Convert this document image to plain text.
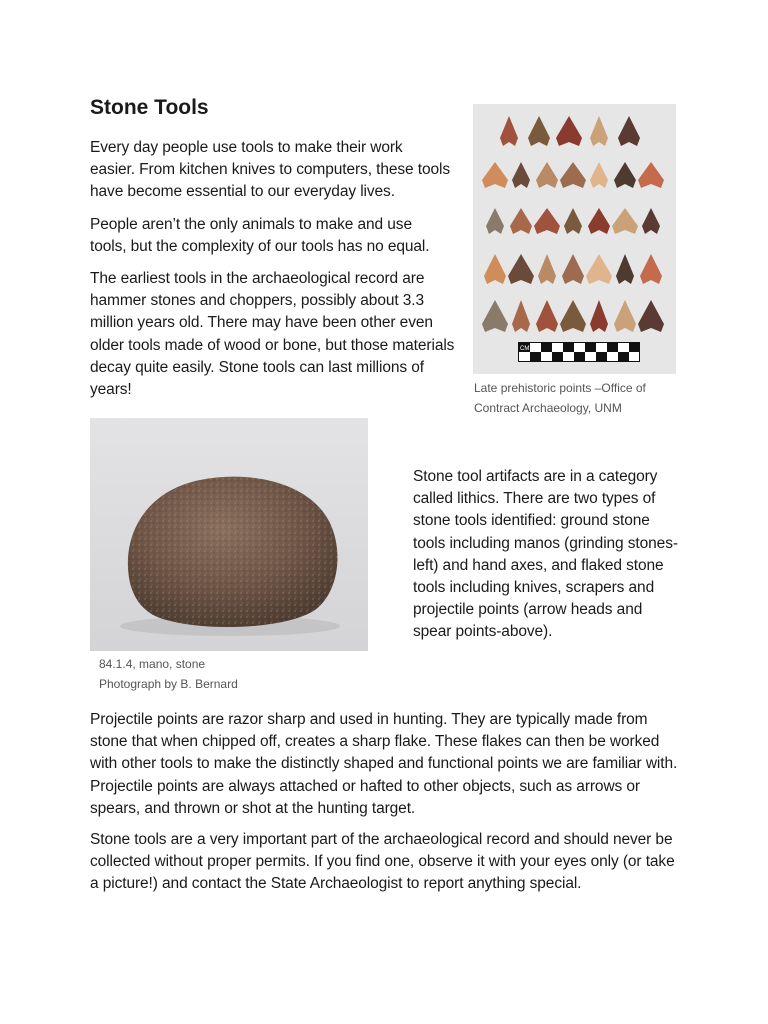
Stone Tools

Every day people use tools to make their work easier. From kitchen knives to computers, these tools have become essential to our everyday lives.

People aren’t the only animals to make and use tools, but the complexity of our tools has no equal.

The earliest tools in the archaeological record are hammer stones and choppers, possibly about 3.3 million years old. There may have been other even older tools made of wood or bone, but those materials decay quite easily. Stone tools can last millions of years!

CM
Late prehistoric points –Office of
Contract Archaeology, UNM
84.1.4, mano, stone
Photograph by B. Bernard

Stone tool artifacts are in a category called lithics. There are two types of stone tools identified: ground stone tools including manos (grinding stones-left) and hand axes, and flaked stone tools including knives, scrapers and projectile points (arrow heads and spear points-above).

Projectile points are razor sharp and used in hunting. They are typically made from stone that when chipped off, creates a sharp flake. These flakes can then be worked with other tools to make the distinctly shaped and functional points we are familiar with. Projectile points are always attached or hafted to other objects, such as arrows or spears, and thrown or shot at the hunting target.

Stone tools are a very important part of the archaeological record and should never be collected without proper permits. If you find one, observe it with your eyes only (or take a picture!) and contact the State Archaeologist to report anything special.
